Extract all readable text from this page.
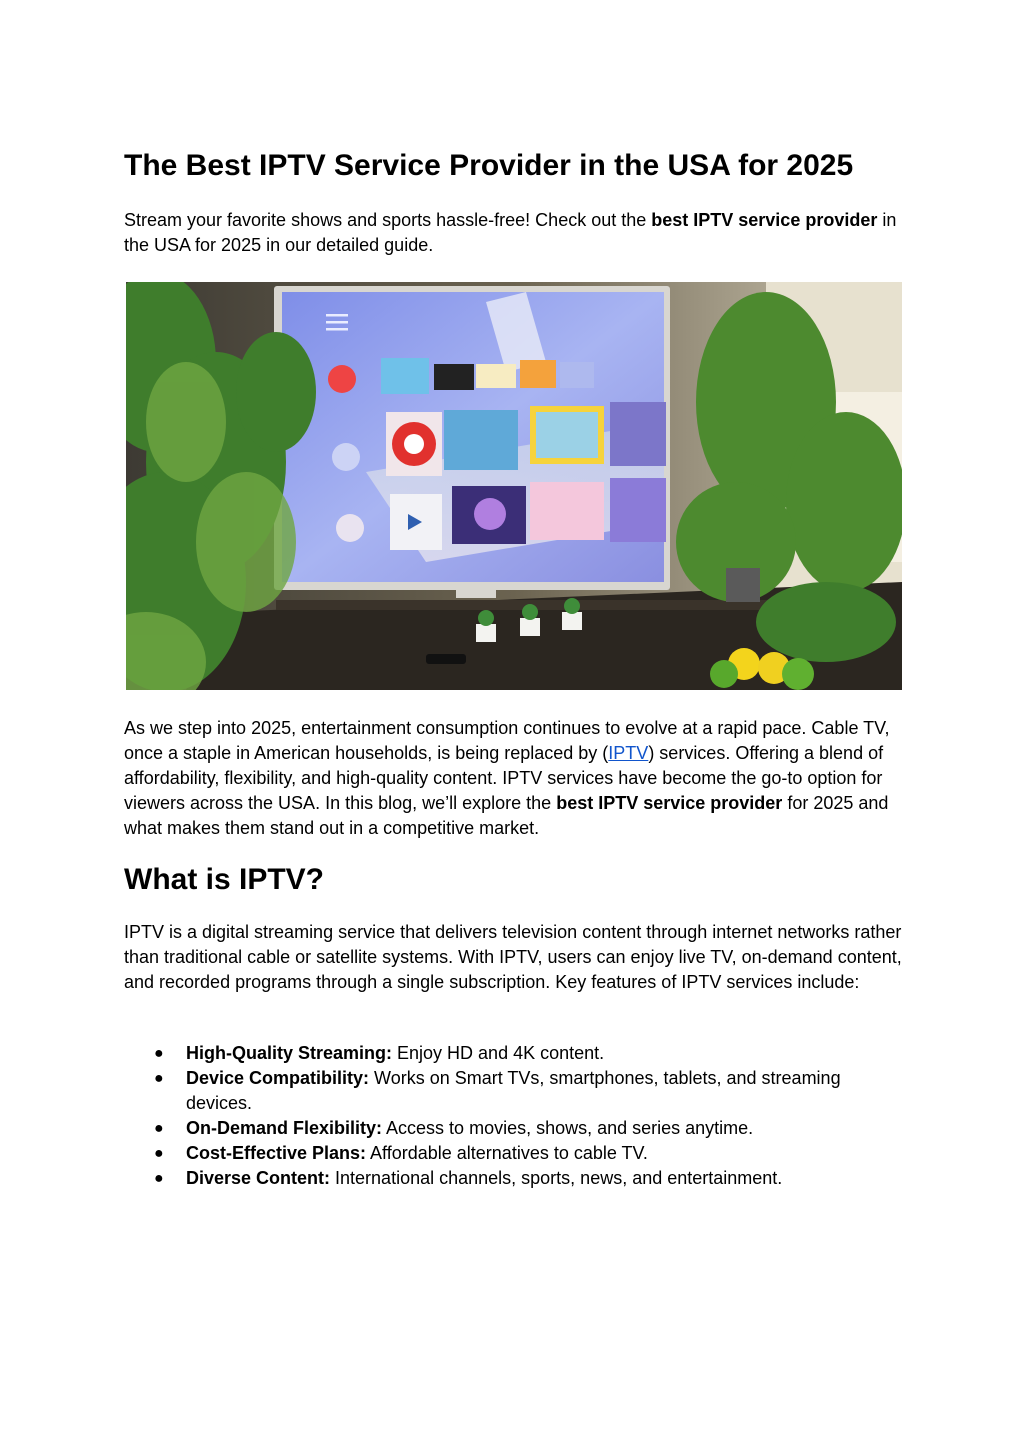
The Best IPTV Service Provider in the USA for 2025

Stream your favorite shows and sports hassle-free! Check out the best IPTV service provider in the USA for 2025 in our detailed guide.

As we step into 2025, entertainment consumption continues to evolve at a rapid pace. Cable TV, once a staple in American households, is being replaced by (IPTV) services. Offering a blend of affordability, flexibility, and high-quality content. IPTV services have become the go-to option for viewers across the USA. In this blog, we’ll explore the best IPTV service provider for 2025 and what makes them stand out in a competitive market.

What is IPTV?

IPTV is a digital streaming service that delivers television content through internet networks rather than traditional cable or satellite systems. With IPTV, users can enjoy live TV, on-demand content, and recorded programs through a single subscription. Key features of IPTV services include:

● High-Quality Streaming: Enjoy HD and 4K content.
● Device Compatibility: Works on Smart TVs, smartphones, tablets, and streaming devices.
● On-Demand Flexibility: Access to movies, shows, and series anytime.
● Cost-Effective Plans: Affordable alternatives to cable TV.
● Diverse Content: International channels, sports, news, and entertainment.
